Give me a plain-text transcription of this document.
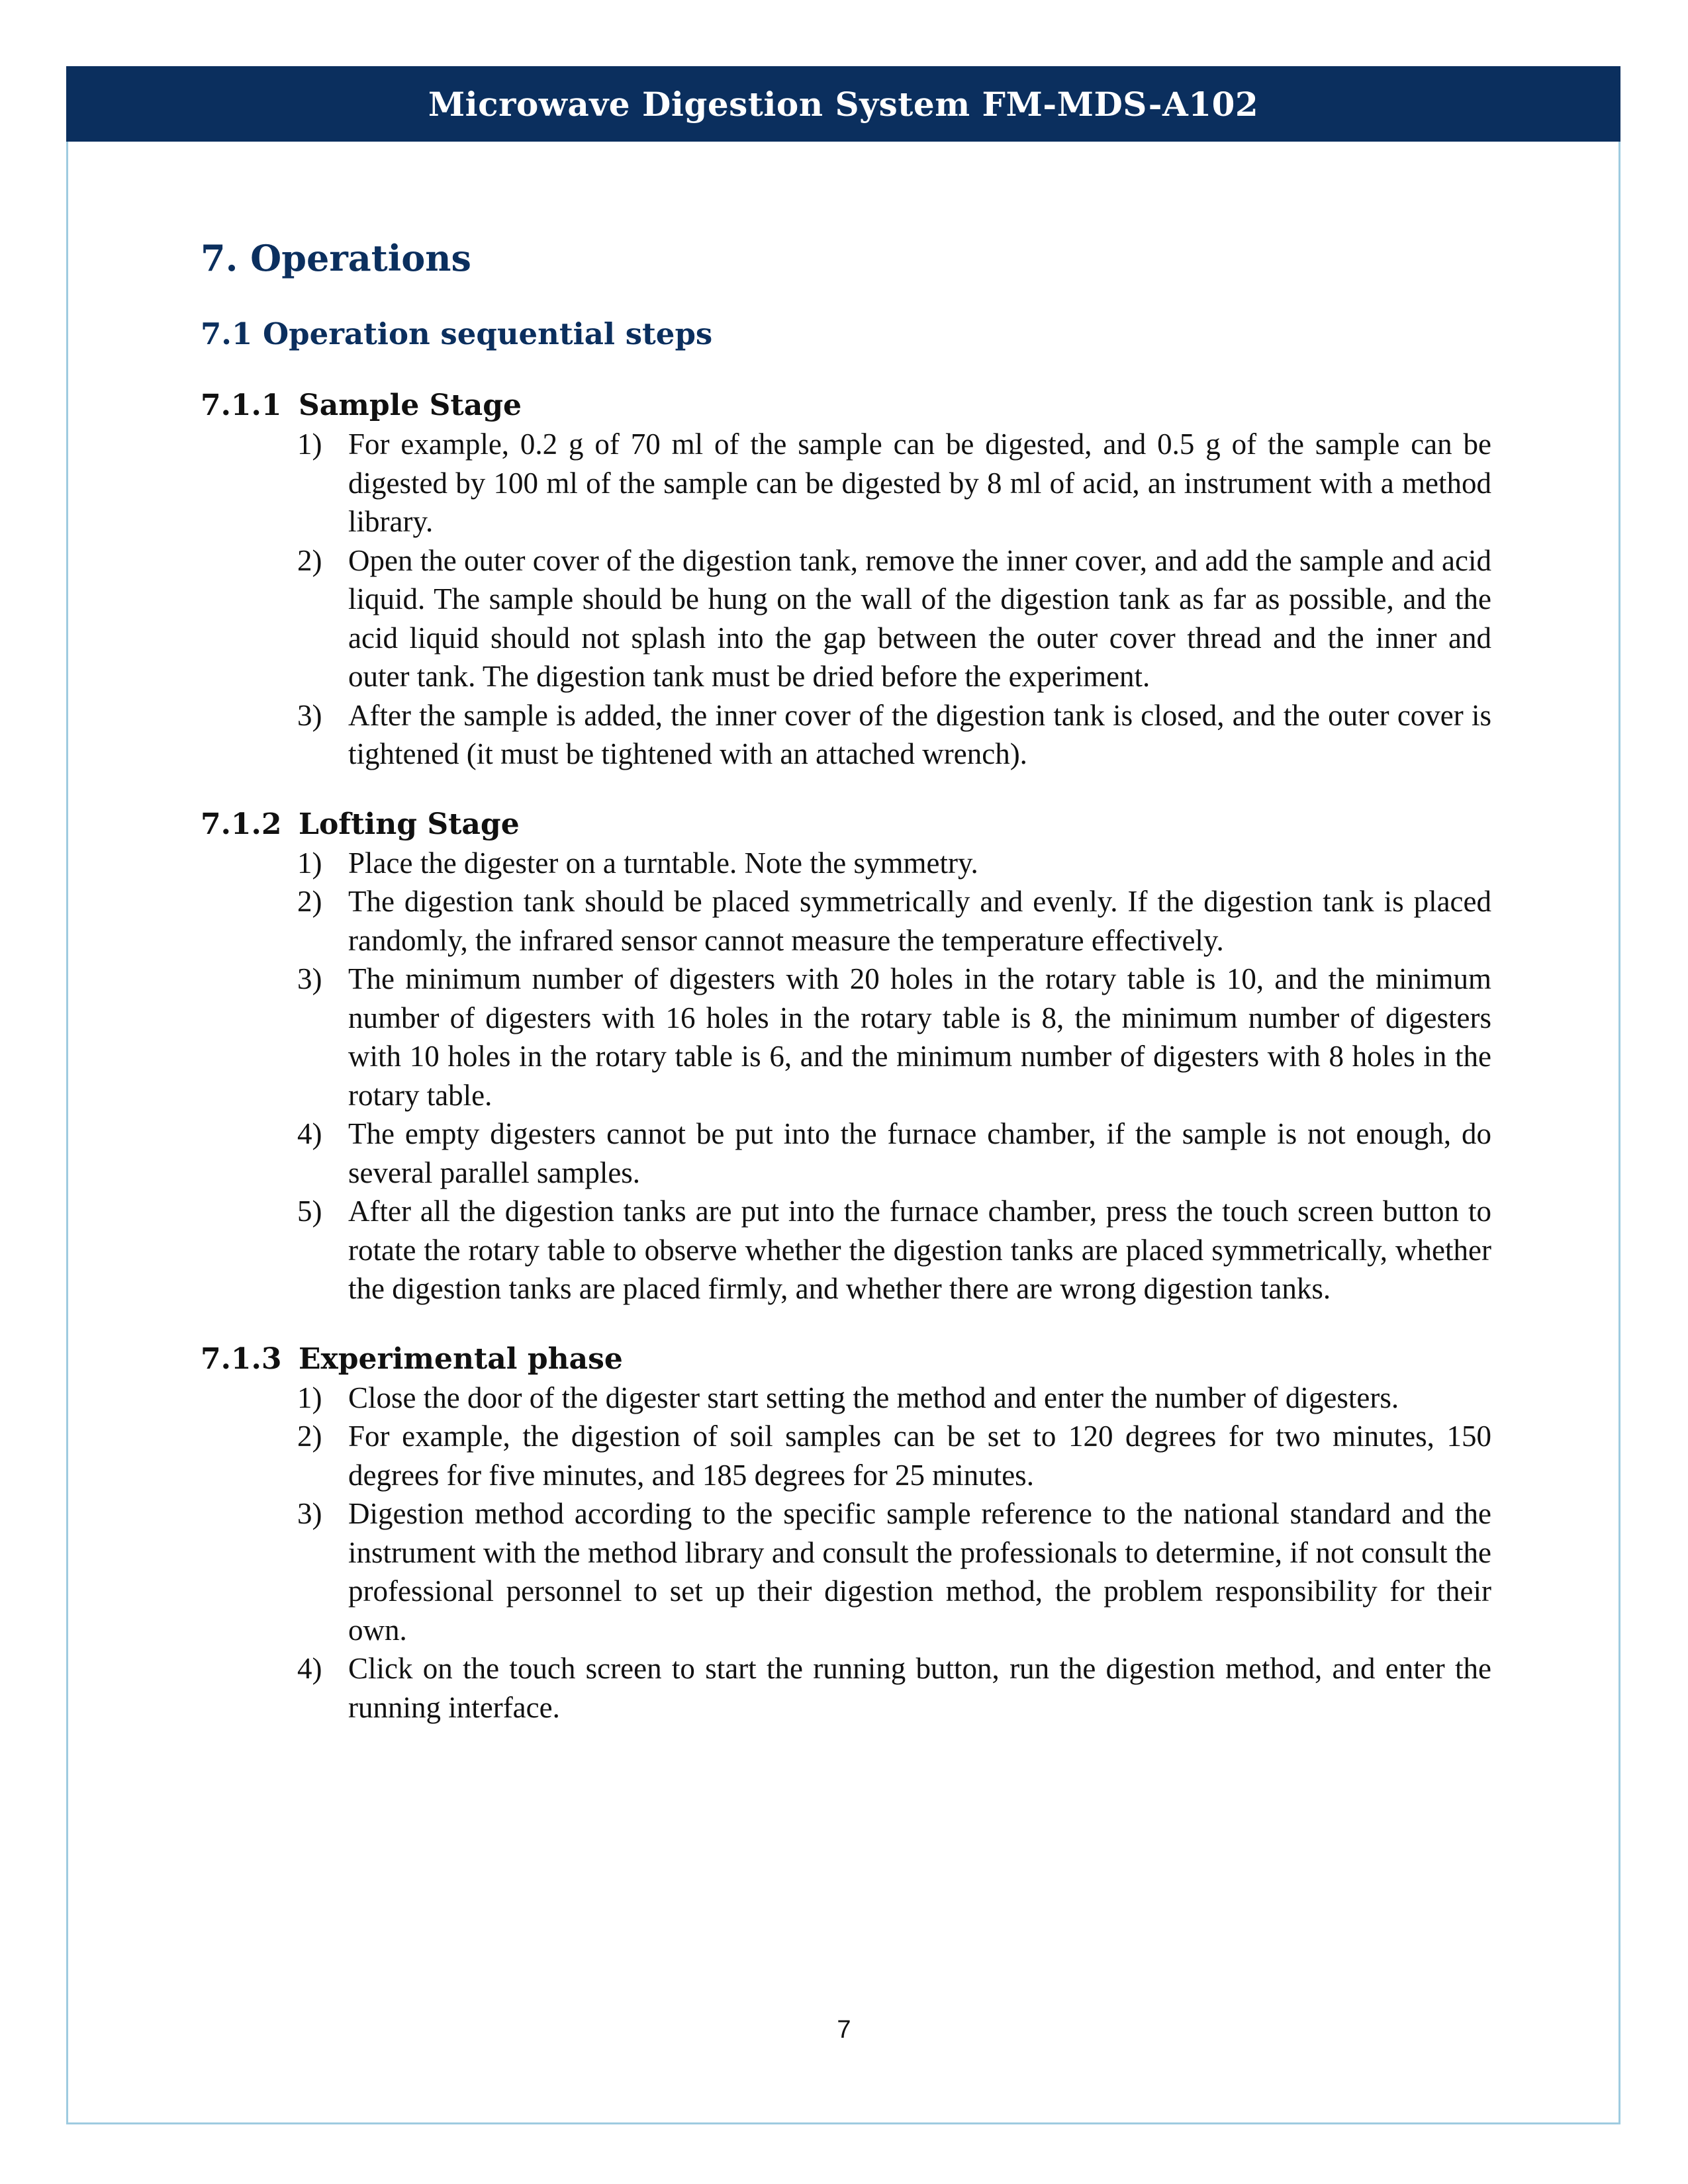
Microwave Digestion System FM-MDS-A102
7. Operations
7.1 Operation sequential steps
7.1.1 Sample Stage
1) For example, 0.2 g of 70 ml of the sample can be digested, and 0.5 g of the sample can be digested by 100 ml of the sample can be digested by 8 ml of acid, an instrument with a method library.
2) Open the outer cover of the digestion tank, remove the inner cover, and add the sample and acid liquid. The sample should be hung on the wall of the digestion tank as far as possible, and the acid liquid should not splash into the gap between the outer cover thread and the inner and outer tank. The digestion tank must be dried before the experiment.
3) After the sample is added, the inner cover of the digestion tank is closed, and the outer cover is tightened (it must be tightened with an attached wrench).
7.1.2 Lofting Stage
1) Place the digester on a turntable. Note the symmetry.
2) The digestion tank should be placed symmetrically and evenly. If the digestion tank is placed randomly, the infrared sensor cannot measure the temperature effectively.
3) The minimum number of digesters with 20 holes in the rotary table is 10, and the minimum number of digesters with 16 holes in the rotary table is 8, the minimum number of digesters with 10 holes in the rotary table is 6, and the minimum number of digesters with 8 holes in the rotary table.
4) The empty digesters cannot be put into the furnace chamber, if the sample is not enough, do several parallel samples.
5) After all the digestion tanks are put into the furnace chamber, press the touch screen button to rotate the rotary table to observe whether the digestion tanks are placed symmetrically, whether the digestion tanks are placed firmly, and whether there are wrong digestion tanks.
7.1.3 Experimental phase
1) Close the door of the digester start setting the method and enter the number of digesters.
2) For example, the digestion of soil samples can be set to 120 degrees for two minutes, 150 degrees for five minutes, and 185 degrees for 25 minutes.
3) Digestion method according to the specific sample reference to the national standard and the instrument with the method library and consult the professionals to determine, if not consult the professional personnel to set up their digestion method, the problem responsibility for their own.
4) Click on the touch screen to start the running button, run the digestion method, and enter the running interface.
7
